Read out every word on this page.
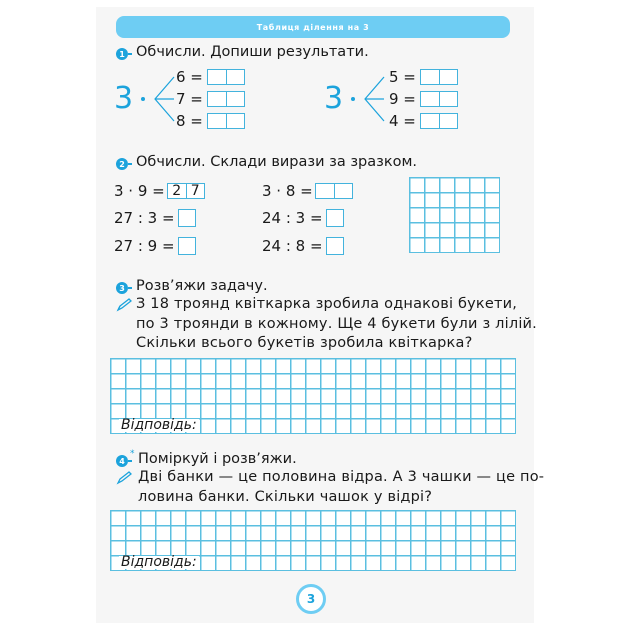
Таблиця ділення на 3
1 Обчисли. Допиши результати.
3
6 =
7 =
8 =
3
5 =
9 =
4 =
2 Обчисли. Склади вирази за зразком.
3 · 9 = 2 7
27 : 3 =
27 : 9 =
3 · 8 =
24 : 3 =
24 : 8 =
3 Розв’яжи задачу.
З 18 троянд квіткарка зробила однакові букети,
по 3 троянди в кожному. Ще 4 букети були з лілій.
Скільки всього букетів зробила квіткарка?
Відповідь:
4
* Поміркуй і розв’яжи.
Дві банки — це половина відра. А 3 чашки — це по-
ловина банки. Скільки чашок у відрі?
Відповідь:
3
